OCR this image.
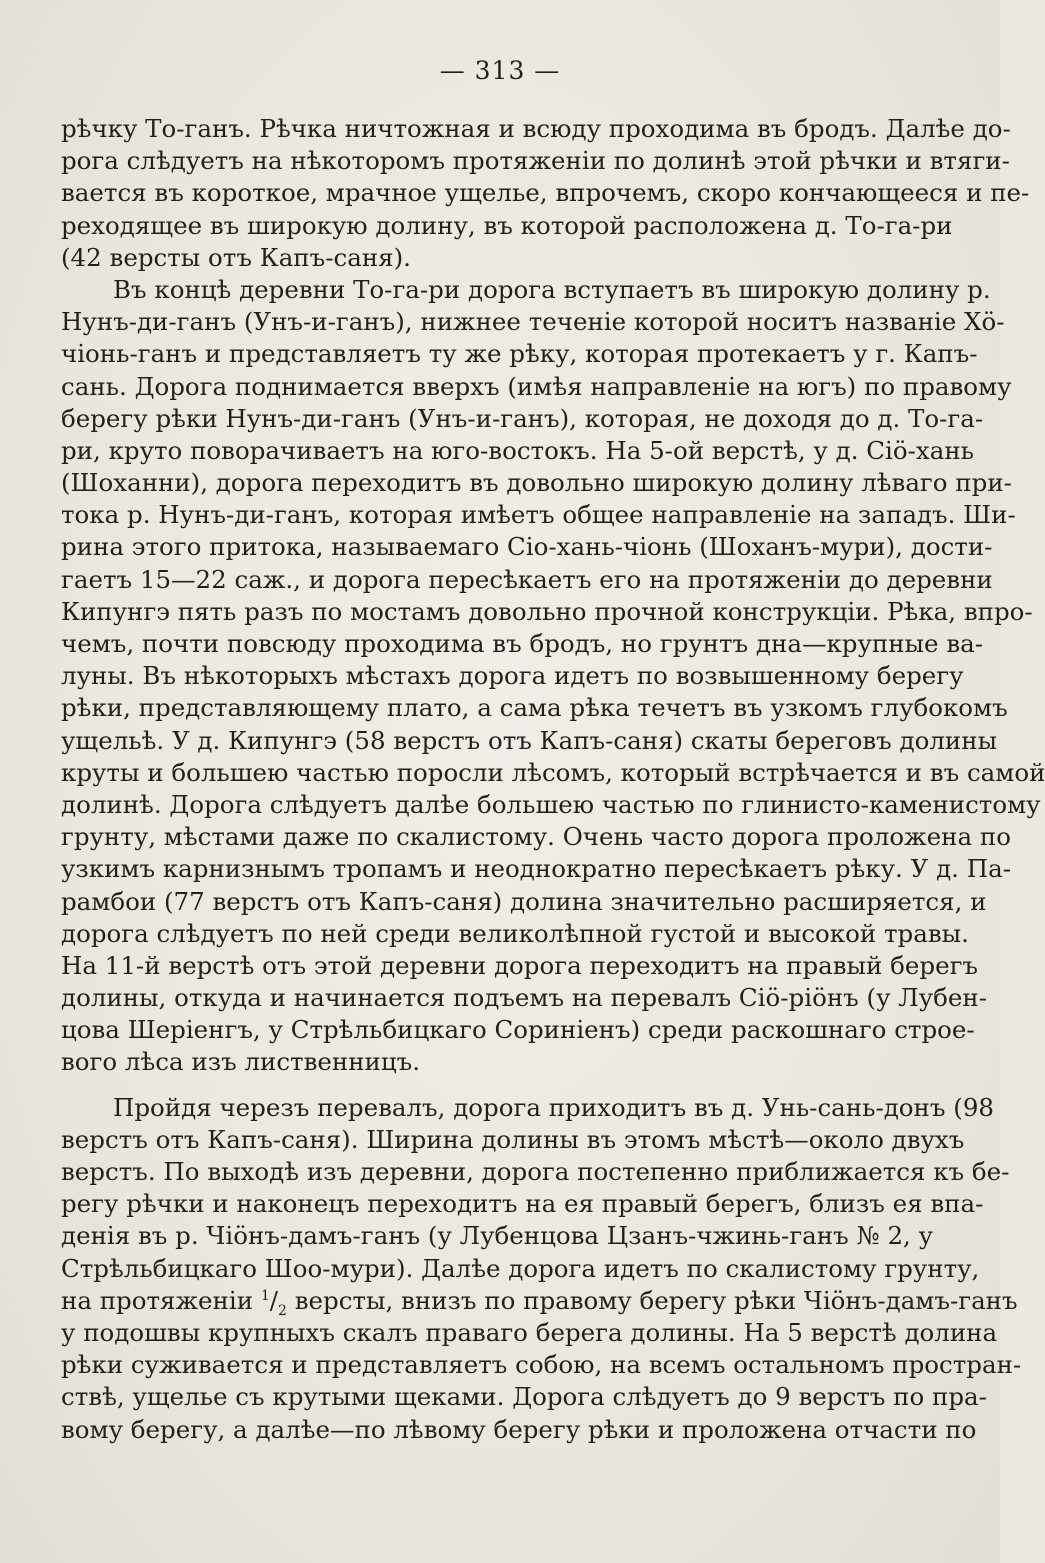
— 313 —
рѣчку То-ганъ. Рѣчка ничтожная и всюду проходима въ бродъ. Далѣе до-
рога слѣдуетъ на нѣкоторомъ протяженiи по долинѣ этой рѣчки и втяги-
вается въ короткое, мрачное ущелье, впрочемъ, скоро кончающееся и пе-
реходящее въ широкую долину, въ которой расположена д. То-га-ри
(42 версты отъ Капъ-саня).
Въ концѣ деревни То-га-ри дорога вступаетъ въ широкую долину р.
Нунъ-ди-ганъ (Унъ-и-ганъ), нижнее теченiе которой носитъ названiе Хö-
чiонь-ганъ и представляетъ ту же рѣку, которая протекаетъ у г. Капъ-
сань. Дорога поднимается вверхъ (имѣя направленiе на югъ) по правому
берегу рѣки Нунъ-ди-ганъ (Унъ-и-ганъ), которая, не доходя до д. То-га-
ри, круто поворачиваетъ на юго-востокъ. На 5-ой верстѣ, у д. Сiö-хань
(Шоханни), дорога переходитъ въ довольно широкую долину лѣваго при-
тока р. Нунъ-ди-ганъ, которая имѣетъ общее направленiе на западъ. Ши-
рина этого притока, называемаго Сiо-хань-чiонь (Шоханъ-мури), дости-
гаетъ 15—22 саж., и дорога пересѣкаетъ его на протяженiи до деревни
Кипунгэ пять разъ по мостамъ довольно прочной конструкцiи. Рѣка, впро-
чемъ, почти повсюду проходима въ бродъ, но грунтъ дна—крупные ва-
луны. Въ нѣкоторыхъ мѣстахъ дорога идетъ по возвышенному берегу
рѣки, представляющему плато, а сама рѣка течетъ въ узкомъ глубокомъ
ущельѣ. У д. Кипунгэ (58 верстъ отъ Капъ-саня) скаты береговъ долины
круты и большею частью поросли лѣсомъ, который встрѣчается и въ самой
долинѣ. Дорога слѣдуетъ далѣе большею частью по глинисто-каменистому
грунту, мѣстами даже по скалистому. Очень часто дорога проложена по
узкимъ карнизнымъ тропамъ и неоднократно пересѣкаетъ рѣку. У д. Па-
рамбои (77 верстъ отъ Капъ-саня) долина значительно расширяется, и
дорога слѣдуетъ по ней среди великолѣпной густой и высокой травы.
На 11-й верстѣ отъ этой деревни дорога переходитъ на правый берегъ
долины, откуда и начинается подъемъ на перевалъ Сiö-рiöнъ (у Лубен-
цова Шерiенгъ, у Стрѣльбицкаго Соринiенъ) среди раскошнаго строе-
вого лѣса изъ лиственницъ.
Пройдя черезъ перевалъ, дорога приходитъ въ д. Унь-сань-донъ (98
верстъ отъ Капъ-саня). Ширина долины въ этомъ мѣстѣ—около двухъ
верстъ. По выходѣ изъ деревни, дорога постепенно приближается къ бе-
регу рѣчки и наконецъ переходитъ на ея правый берегъ, близъ ея впа-
денiя въ р. Чiöнъ-дамъ-ганъ (у Лубенцова Цзанъ-чжинь-ганъ № 2, у
Стрѣльбицкаго Шоо-мури). Далѣе дорога идетъ по скалистому грунту,
на протяженiи $^1/_2$ версты, внизъ по правому берегу рѣки Чiöнъ-дамъ-ганъ
у подошвы крупныхъ скалъ праваго берега долины. На 5 верстѣ долина
рѣки суживается и представляетъ собою, на всемъ остальномъ простран-
ствѣ, ущелье съ крутыми щеками. Дорога слѣдуетъ до 9 верстъ по пра-
вому берегу, а далѣе—по лѣвому берегу рѣки и проложена отчасти по
